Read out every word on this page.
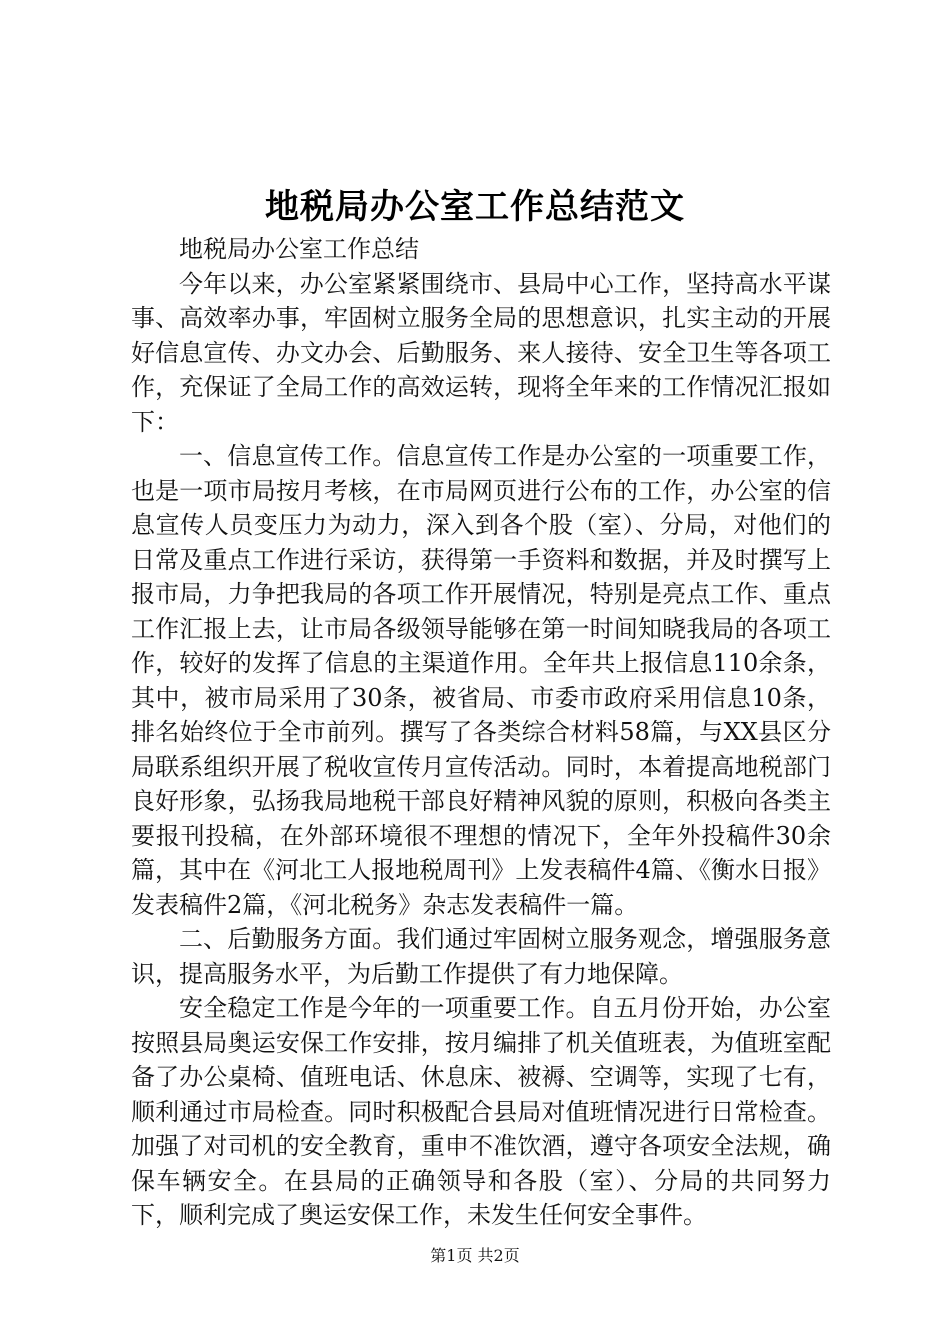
地税局办公室工作总结范文

地税局办公室工作总结

今年以来，办公室紧紧围绕市、县局中心工作，坚持高水平谋事、高效率办事，牢固树立服务全局的思想意识，扎实主动的开展好信息宣传、办文办会、后勤服务、来人接待、安全卫生等各项工作，充保证了全局工作的高效运转，现将全年来的工作情况汇报如下：

一、信息宣传工作。信息宣传工作是办公室的一项重要工作，也是一项市局按月考核，在市局网页进行公布的工作，办公室的信息宣传人员变压力为动力，深入到各个股（室）、分局，对他们的日常及重点工作进行采访，获得第一手资料和数据，并及时撰写上报市局，力争把我局的各项工作开展情况，特别是亮点工作、重点工作汇报上去，让市局各级领导能够在第一时间知晓我局的各项工作，较好的发挥了信息的主渠道作用。全年共上报信息110余条，其中，被市局采用了30条，被省局、市委市政府采用信息10条，排名始终位于全市前列。撰写了各类综合材料58篇，与XX县区分局联系组织开展了税收宣传月宣传活动。同时，本着提高地税部门良好形象，弘扬我局地税干部良好精神风貌的原则，积极向各类主要报刊投稿，在外部环境很不理想的情况下，全年外投稿件30余篇，其中在《河北工人报地税周刊》上发表稿件4篇、《衡水日报》发表稿件2篇，《河北税务》杂志发表稿件一篇。

二、后勤服务方面。我们通过牢固树立服务观念，增强服务意识，提高服务水平，为后勤工作提供了有力地保障。

安全稳定工作是今年的一项重要工作。自五月份开始，办公室按照县局奥运安保工作安排，按月编排了机关值班表，为值班室配备了办公桌椅、值班电话、休息床、被褥、空调等，实现了七有，顺利通过市局检查。同时积极配合县局对值班情况进行日常检查。加强了对司机的安全教育，重申不准饮酒，遵守各项安全法规，确保车辆安全。在县局的正确领导和各股（室）、分局的共同努力下，顺利完成了奥运安保工作，未发生任何安全事件。

第1页 共2页
